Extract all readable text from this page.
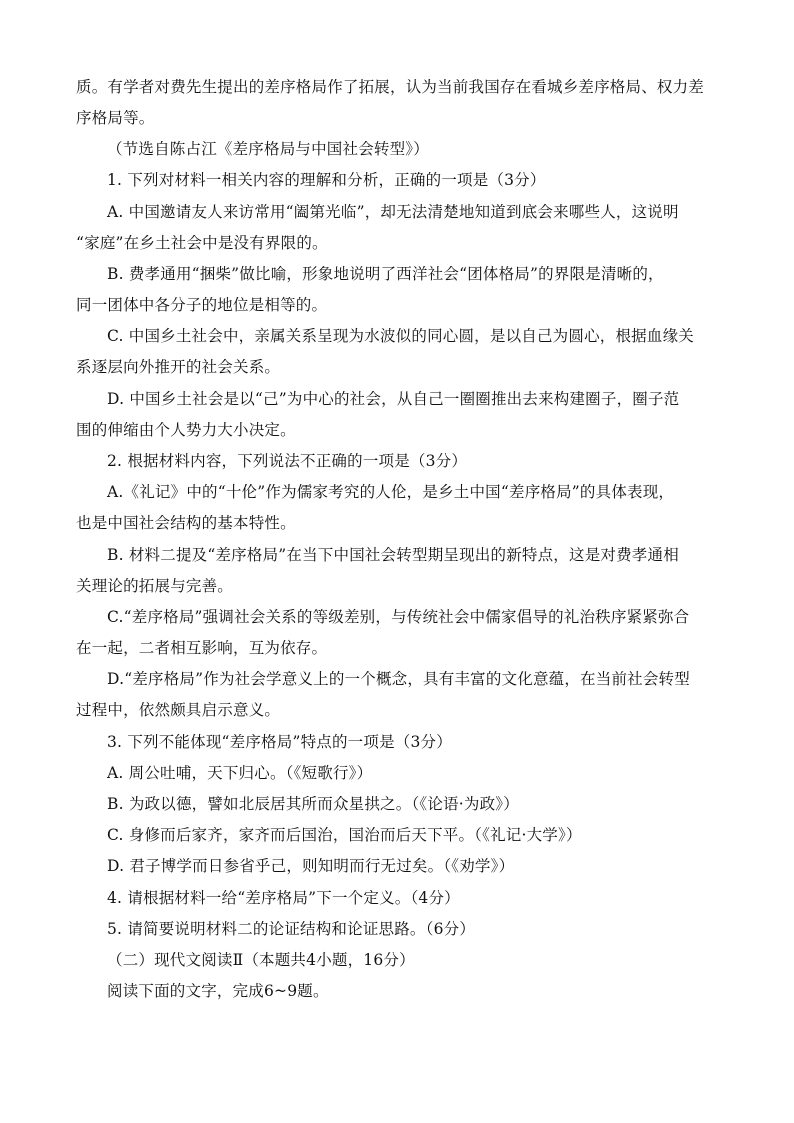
质。有学者对费先生提出的差序格局作了拓展，认为当前我国存在看城乡差序格局、权力差
序格局等。
（节选自陈占江《差序格局与中国社会转型》）
1. 下列对材料一相关内容的理解和分析，正确的一项是（3分）
A. 中国邀请友人来访常用“阖第光临”，却无法清楚地知道到底会来哪些人，这说明
“家庭”在乡土社会中是没有界限的。
B. 费孝通用“捆柴”做比喻，形象地说明了西洋社会“团体格局”的界限是清晰的，
同一团体中各分子的地位是相等的。
C. 中国乡土社会中，亲属关系呈现为水波似的同心圆，是以自己为圆心，根据血缘关
系逐层向外推开的社会关系。
D. 中国乡土社会是以“己”为中心的社会，从自己一圈圈推出去来构建圈子，圈子范
围的伸缩由个人势力大小决定。
2. 根据材料内容，下列说法不正确的一项是（3分）
A.《礼记》中的“十伦”作为儒家考究的人伦，是乡土中国“差序格局”的具体表现，
也是中国社会结构的基本特性。
B. 材料二提及“差序格局”在当下中国社会转型期呈现出的新特点，这是对费孝通相
关理论的拓展与完善。
C.“差序格局”强调社会关系的等级差别，与传统社会中儒家倡导的礼治秩序紧紧弥合
在一起，二者相互影响，互为依存。
D.“差序格局”作为社会学意义上的一个概念，具有丰富的文化意蕴，在当前社会转型
过程中，依然颇具启示意义。
3. 下列不能体现“差序格局”特点的一项是（3分）
A. 周公吐哺，天下归心。（《短歌行》）
B. 为政以德，譬如北辰居其所而众星拱之。（《论语·为政》）
C. 身修而后家齐，家齐而后国治，国治而后天下平。（《礼记·大学》）
D. 君子博学而日参省乎己，则知明而行无过矣。（《劝学》）
4. 请根据材料一给“差序格局”下一个定义。（4分）
5. 请简要说明材料二的论证结构和论证思路。（6分）
（二）现代文阅读Ⅱ（本题共4小题，16分）
阅读下面的文字，完成6~9题。
